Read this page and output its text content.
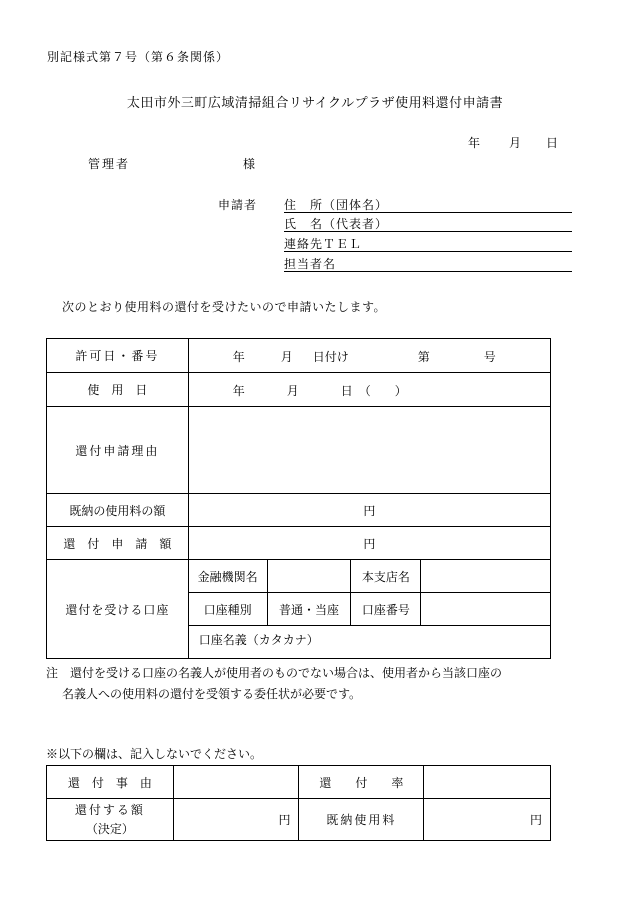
別記様式第７号（第６条関係）
太田市外三町広域清掃組合リサイクルプラザ使用料還付申請書
年 月 日
管理者	様
申請者 住　所（団体名）
氏　名（代表者）
連絡先ＴＥＬ
担当者名
次のとおり使用料の還付を受けたいので申請いたします。
許可日・番号	年 月 日付け 第 号			

使　用　日	年 月 日　（　　）			

還付申請理由				
既納の使用料の額	円			
還　付　申　請　額	円			
還付を受ける口座	金融機関名		本支店名	
	口座種別	普通・当座	口座番号	
	口座名義（カタカナ）			
注　還付を受ける口座の名義人が使用者のものでない場合は、使用者から当該口座の
名義人への使用料の還付を受領する委任状が必要です。
※以下の欄は、記入しないでください。
還　付　事　由		還　　付　　率	

還付する額
（決定）	円	既納使用料	円
